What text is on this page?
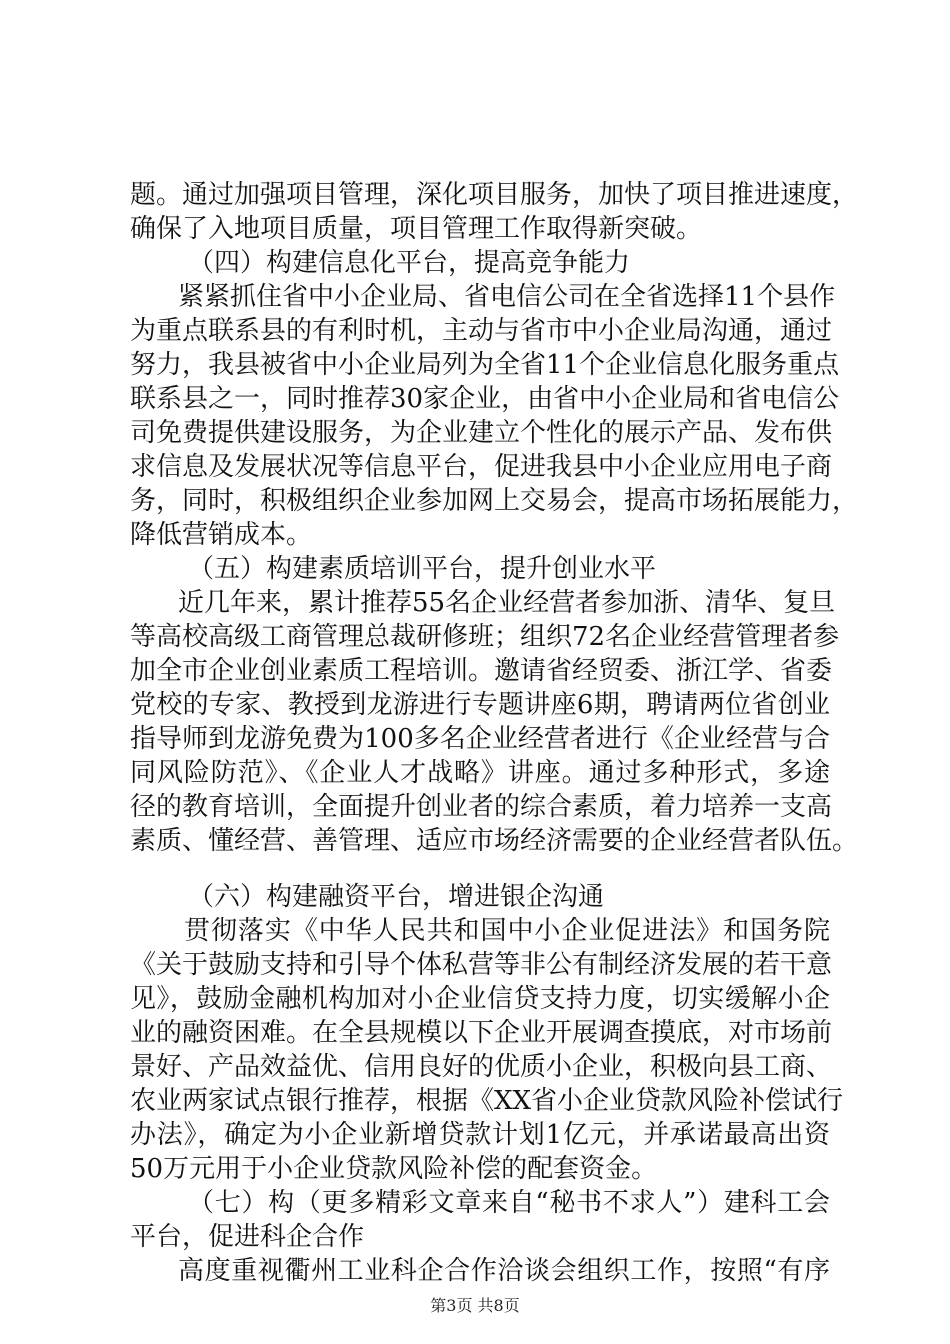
题。通过加强项目管理，深化项目服务，加快了项目推进速度，
确保了入地项目质量，项目管理工作取得新突破。
（四）构建信息化平台，提高竞争能力
紧紧抓住省中小企业局、省电信公司在全省选择11个县作
为重点联系县的有利时机，主动与省市中小企业局沟通，通过
努力，我县被省中小企业局列为全省11个企业信息化服务重点
联系县之一，同时推荐30家企业，由省中小企业局和省电信公
司免费提供建设服务，为企业建立个性化的展示产品、发布供
求信息及发展状况等信息平台，促进我县中小企业应用电子商
务，同时，积极组织企业参加网上交易会，提高市场拓展能力，
降低营销成本。
（五）构建素质培训平台，提升创业水平
近几年来，累计推荐55名企业经营者参加浙、清华、复旦
等高校高级工商管理总裁研修班；组织72名企业经营管理者参
加全市企业创业素质工程培训。邀请省经贸委、浙江学、省委
党校的专家、教授到龙游进行专题讲座6期，聘请两位省创业
指导师到龙游免费为100多名企业经营者进行《企业经营与合
同风险防范》、《企业人才战略》讲座。通过多种形式，多途
径的教育培训，全面提升创业者的综合素质，着力培养一支高
素质、懂经营、善管理、适应市场经济需要的企业经营者队伍。
（六）构建融资平台，增进银企沟通
贯彻落实《中华人民共和国中小企业促进法》和国务院
《关于鼓励支持和引导个体私营等非公有制经济发展的若干意
见》，鼓励金融机构加对小企业信贷支持力度，切实缓解小企
业的融资困难。在全县规模以下企业开展调查摸底，对市场前
景好、产品效益优、信用良好的优质小企业，积极向县工商、
农业两家试点银行推荐，根据《XX省小企业贷款风险补偿试行
办法》，确定为小企业新增贷款计划1亿元，并承诺最高出资
50万元用于小企业贷款风险补偿的配套资金。
（七）构（更多精彩文章来自“秘书不求人”）建科工会
平台，促进科企合作
高度重视衢州工业科企合作洽谈会组织工作，按照“有序
第3页 共8页
